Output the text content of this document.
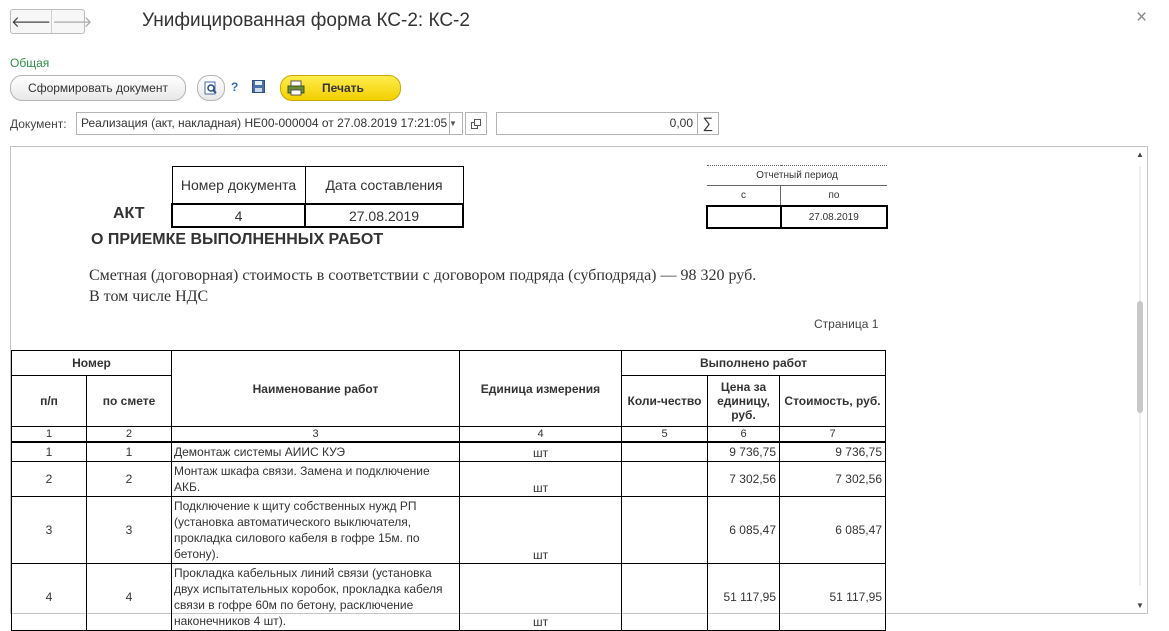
🡐 🡒	Унифицированная форма КС-2: КС-2	×
Общая
Сформировать документ	?	Печать
Документ:	Реализация (акт, накладная) НЕ00-000004 от 27.08.2019 17:21:05 ▼	0,00 ∑
Номер документа	Дата составления
4	27.08.2019
АКТ
О ПРИЕМКЕ ВЫПОЛНЕННЫХ РАБОТ
Сметная (договорная) стоимость в соответствии с договором подряда (субподряда) — 98 320 руб.
В том числе НДС
Страница 1
Отчетный период	
с	по
	27.08.2019
Номер		Наименование работ	Единица измерения	Выполнено работ		
п/п	по смете			Коли-чество	Цена за единицу, руб.	Стоимость, руб.
1	2	3	4	5	6	7
1	1	Демонтаж системы АИИС КУЭ	шт		9 736,75	9 736,75
2	2	Монтаж шкафа связи. Замена и подключение АКБ.	шт		7 302,56	7 302,56
3	3	Подключение к щиту собственных нужд РП (установка автоматического выключателя, прокладка силового кабеля в гофре 15м. по бетону).	шт		6 085,47	6 085,47
4	4	Прокладка кабельных линий связи (установка двух испытательных коробок, прокладка кабеля связи в гофре 60м по бетону, расключение наконечников 4 шт).	шт		51 117,95	51 117,95
▲
▼
